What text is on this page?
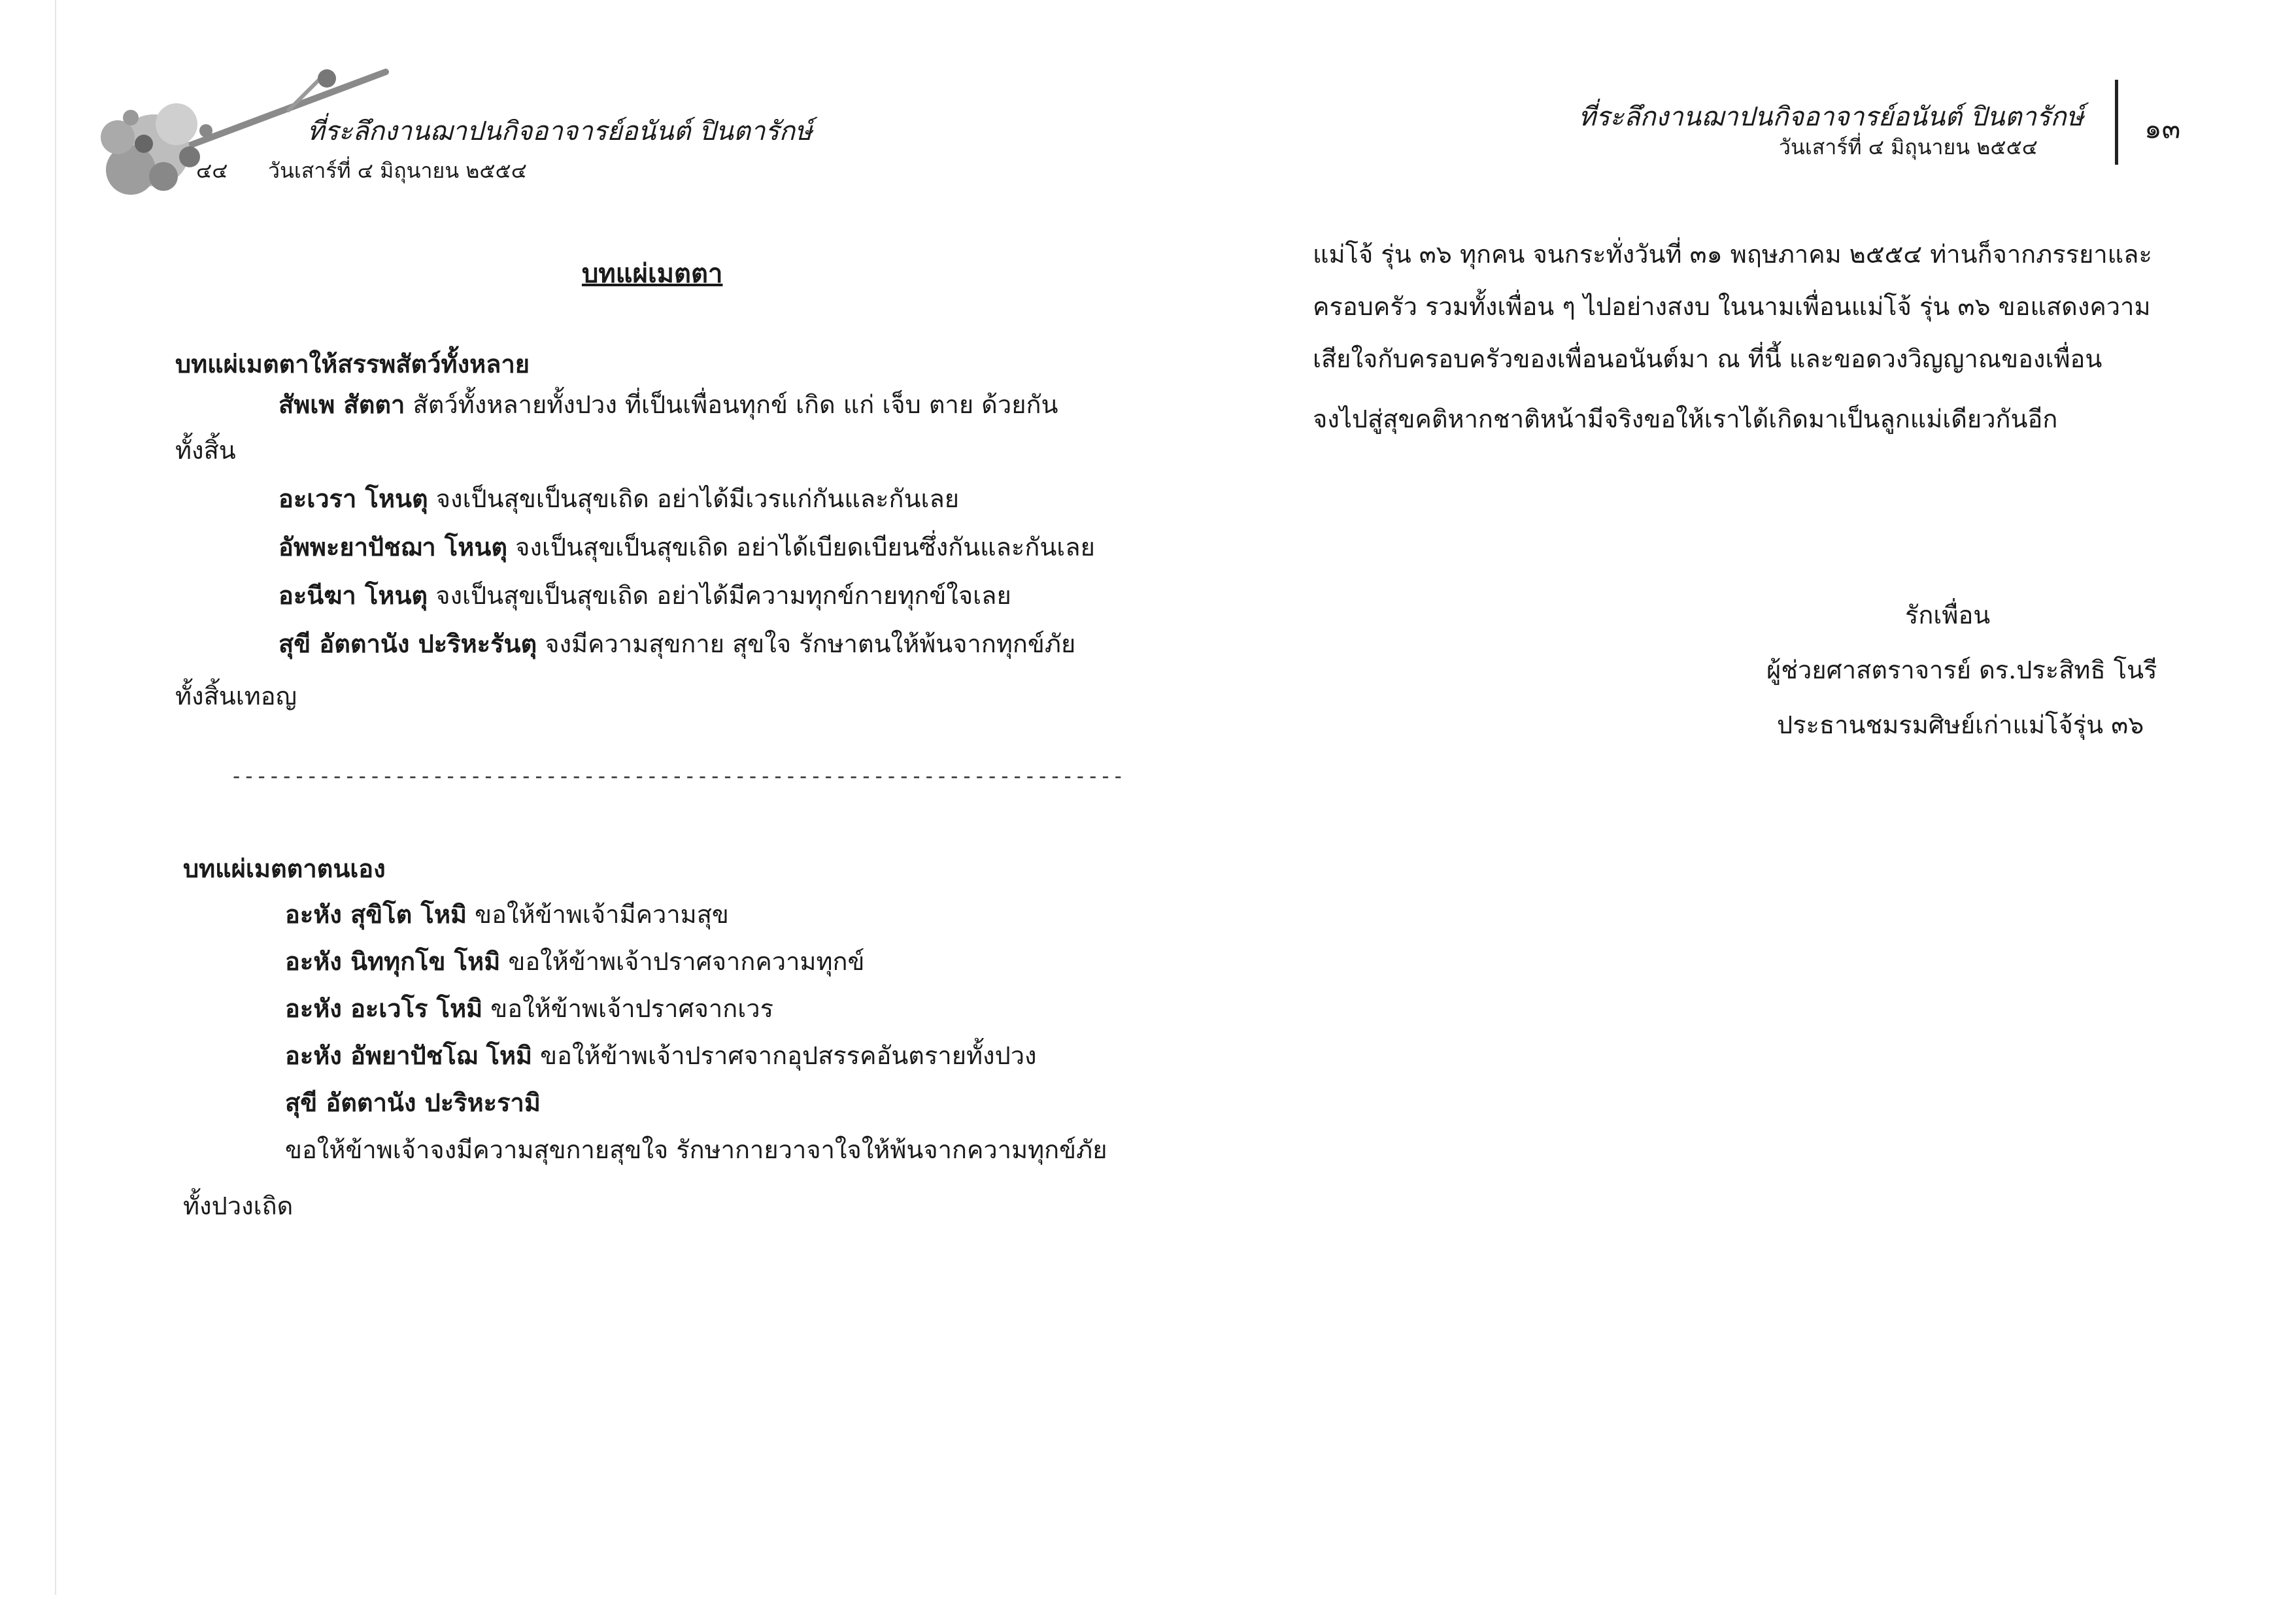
ที่ระลึกงานฌาปนกิจอาจารย์อนันต์ ปินตารักษ์
๔๔ วันเสาร์ที่ ๔ มิถุนายน ๒๕๕๔
บทแผ่เมตตา
บทแผ่เมตตาให้สรรพสัตว์ทั้งหลาย
สัพเพ สัตตา สัตว์ทั้งหลายทั้งปวง ที่เป็นเพื่อนทุกข์ เกิด แก่ เจ็บ ตาย ด้วยกัน
ทั้งสิ้น
อะเวรา โหนตุ จงเป็นสุขเป็นสุขเถิด อย่าได้มีเวรแก่กันและกันเลย
อัพพะยาปัชฌา โหนตุ จงเป็นสุขเป็นสุขเถิด อย่าได้เบียดเบียนซึ่งกันและกันเลย
อะนีฆา โหนตุ จงเป็นสุขเป็นสุขเถิด อย่าได้มีความทุกข์กายทุกข์ใจเลย
สุขี อัตตานัง ปะริหะรันตุ จงมีความสุขกาย สุขใจ รักษาตนให้พ้นจากทุกข์ภัย
ทั้งสิ้นเทอญ
-----------------------------------------------------------------------
บทแผ่เมตตาตนเอง
อะหัง สุขิโต โหมิ ขอให้ข้าพเจ้ามีความสุข
อะหัง นิททุกโข โหมิ ขอให้ข้าพเจ้าปราศจากความทุกข์
อะหัง อะเวโร โหมิ ขอให้ข้าพเจ้าปราศจากเวร
อะหัง อัพยาปัชโฌ โหมิ ขอให้ข้าพเจ้าปราศจากอุปสรรคอันตรายทั้งปวง
สุขี อัตตานัง ปะริหะรามิ
ขอให้ข้าพเจ้าจงมีความสุขกายสุขใจ รักษากายวาจาใจให้พ้นจากความทุกข์ภัย
ทั้งปวงเถิด
ที่ระลึกงานฌาปนกิจอาจารย์อนันต์ ปินตารักษ์
วันเสาร์ที่ ๔ มิถุนายน ๒๕๕๔
๑๓
แม่โจ้ รุ่น ๓๖ ทุกคน จนกระทั่งวันที่ ๓๑ พฤษภาคม ๒๕๕๔ ท่านก็จากภรรยาและ
ครอบครัว รวมทั้งเพื่อน ๆ ไปอย่างสงบ ในนามเพื่อนแม่โจ้ รุ่น ๓๖ ขอแสดงความ
เสียใจกับครอบครัวของเพื่อนอนันต์มา ณ ที่นี้ และขอดวงวิญญาณของเพื่อน
จงไปสู่สุขคติหากชาติหน้ามีจริงขอให้เราได้เกิดมาเป็นลูกแม่เดียวกันอีก
รักเพื่อน
ผู้ช่วยศาสตราจารย์ ดร.ประสิทธิ โนรี
ประธานชมรมศิษย์เก่าแม่โจ้รุ่น ๓๖
